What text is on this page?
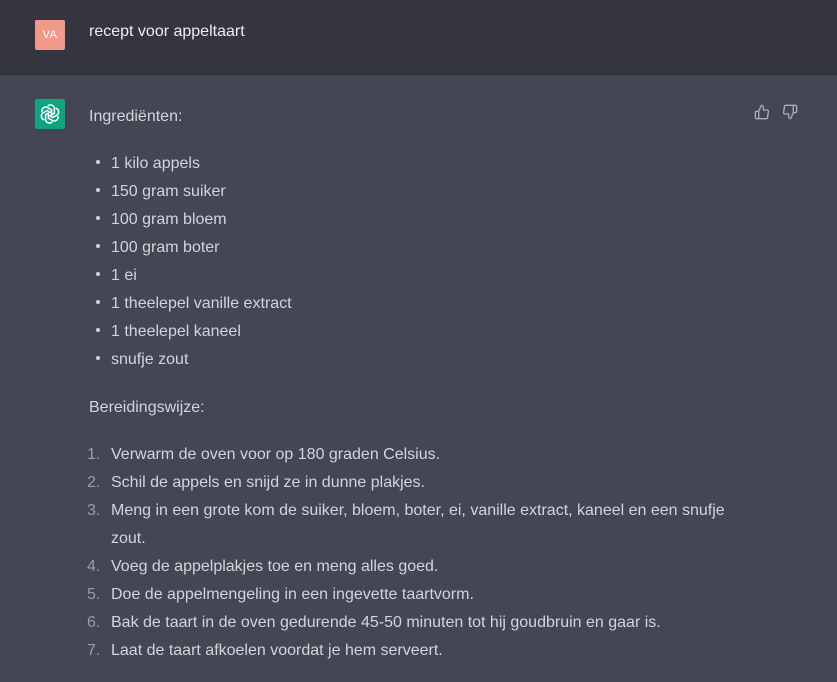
VA	recept voor appeltaart

Ingrediënten:

1 kilo appels
150 gram suiker
100 gram bloem
100 gram boter
1 ei
1 theelepel vanille extract
1 theelepel kaneel
snufje zout

Bereidingswijze:

1. Verwarm de oven voor op 180 graden Celsius.
2. Schil de appels en snijd ze in dunne plakjes.
3. Meng in een grote kom de suiker, bloem, boter, ei, vanille extract, kaneel en een snufje zout.
4. Voeg de appelplakjes toe en meng alles goed.
5. Doe de appelmengeling in een ingevette taartvorm.
6. Bak de taart in de oven gedurende 45-50 minuten tot hij goudbruin en gaar is.
7. Laat de taart afkoelen voordat je hem serveert.
